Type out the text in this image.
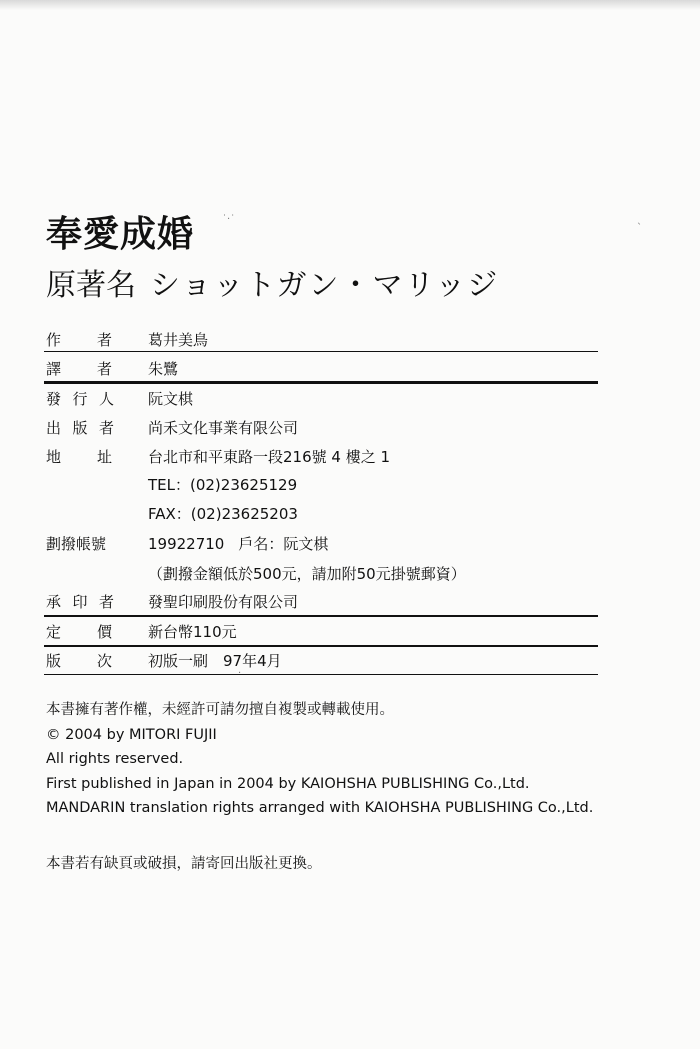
奉愛成婚
原著名 ショットガン・マリッジ
作 者 葛井美鳥
譯 者 朱鷺
發 行 人 阮文棋
出 版 者 尚禾文化事業有限公司
地 址 台北市和平東路一段216號 4 樓之 1
TEL：(02)23625129
FAX：(02)23625203
劃撥帳號	19922710 戶名：阮文棋
（劃撥金額低於500元，請加附50元掛號郵資）
承 印 者 發聖印刷股份有限公司
定 價 新台幣110元
版 次 初版一刷　97年4月
本書擁有著作權，未經許可請勿擅自複製或轉載使用。
© 2004 by MITORI FUJII
All rights reserved.
First published in Japan in 2004 by KAIOHSHA PUBLISHING Co.,Ltd.
MANDARIN translation rights arranged with KAIOHSHA PUBLISHING Co.,Ltd.
本書若有缺頁或破損，請寄回出版社更換。
˙·˙	ˎ
·
